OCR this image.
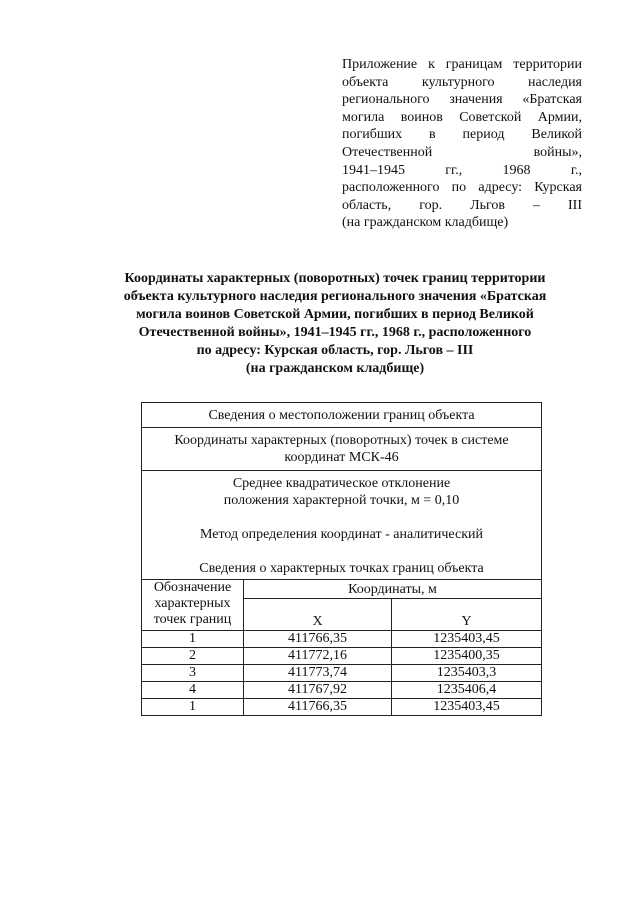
Приложение к границам территории
объекта культурного наследия
регионального значения «Братская
могила воинов Советской Армии,
погибших в период Великой
Отечественной войны»,
1941–1945 гг., 1968 г.,
расположенного по адресу: Курская
область, гор. Льгов – III
(на гражданском кладбище)
Координаты характерных (поворотных) точек границ территории
объекта культурного наследия регионального значения «Братская
могила воинов Советской Армии, погибших в период Великой
Отечественной войны», 1941–1945 гг., 1968 г., расположенного
по адресу: Курская область, гор. Льгов – III
(на гражданском кладбище)
Сведения о местоположении границ объекта		
Координаты характерных (поворотных) точек в системе координат МСК-46		

Среднее квадратическое отклонение
положения характерной точки, м = 0,10
Метод определения координат - аналитический
Сведения о характерных точках границ объекта		

Обозначение
характерных
точек границ	Координаты, м	
	X	Y
1	411766,35	1235403,45
2	411772,16	1235400,35
3	411773,74	1235403,3
4	411767,92	1235406,4
1	411766,35	1235403,45
